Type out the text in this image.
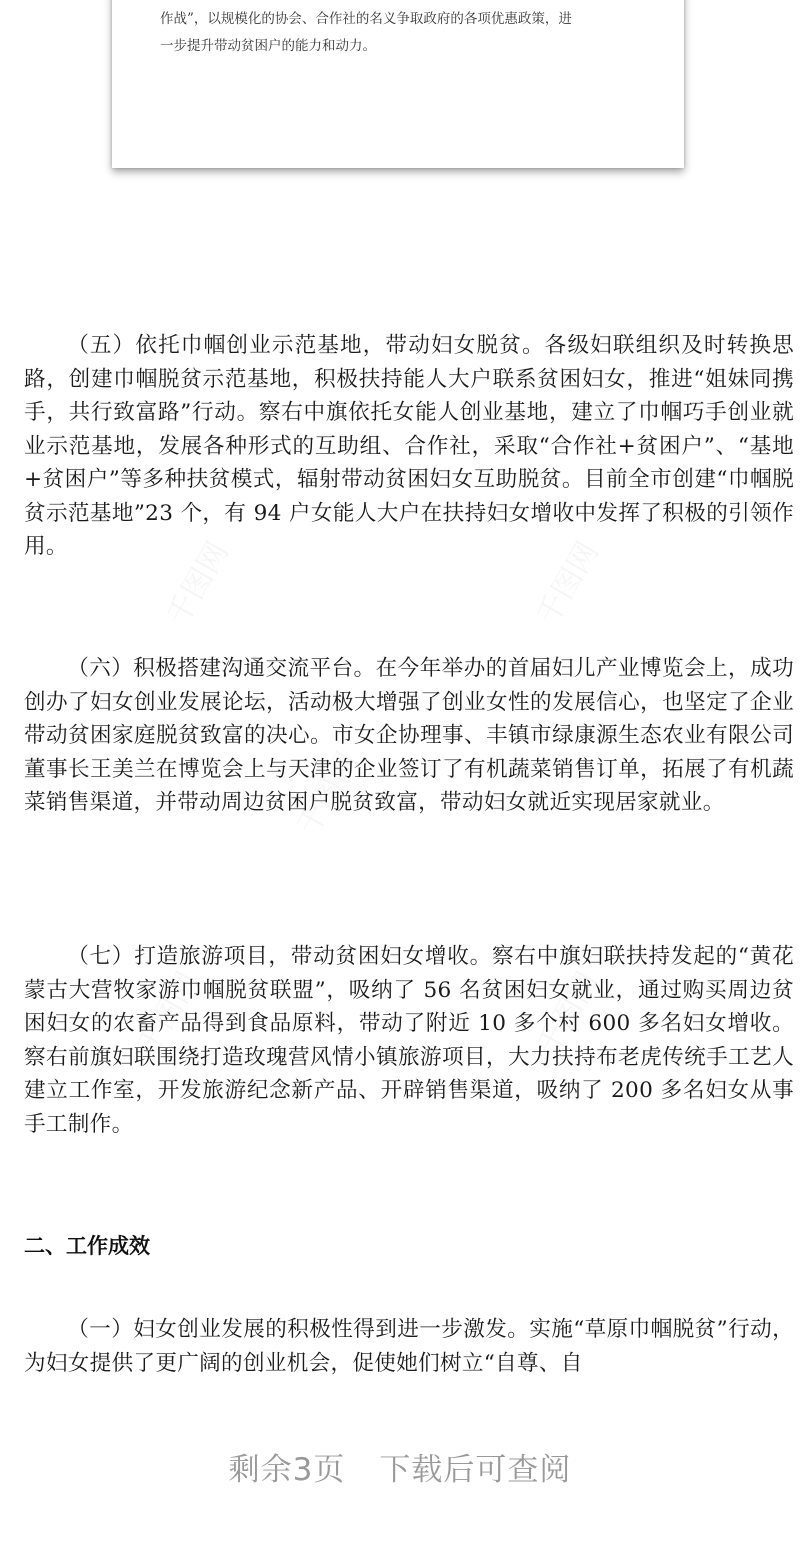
作战”，以规模化的协会、合作社的名义争取政府的各项优惠政策，进

一步提升带动贫困户的能力和动力。

千图网	千图网
千图网
千图网	千图网

（五）依托巾帼创业示范基地，带动妇女脱贫。各级妇联组织及时转换思路，创建巾帼脱贫示范基地，积极扶持能人大户联系贫困妇女，推进“姐妹同携手，共行致富路”行动。察右中旗依托女能人创业基地，建立了巾帼巧手创业就业示范基地，发展各种形式的互助组、合作社，采取“合作社+贫困户”、“基地+贫困户”等多种扶贫模式，辐射带动贫困妇女互助脱贫。目前全市创建“巾帼脱贫示范基地”23 个，有 94 户女能人大户在扶持妇女增收中发挥了积极的引领作用。

（六）积极搭建沟通交流平台。在今年举办的首届妇儿产业博览会上，成功创办了妇女创业发展论坛，活动极大增强了创业女性的发展信心，也坚定了企业带动贫困家庭脱贫致富的决心。市女企协理事、丰镇市绿康源生态农业有限公司董事长王美兰在博览会上与天津的企业签订了有机蔬菜销售订单，拓展了有机蔬菜销售渠道，并带动周边贫困户脱贫致富，带动妇女就近实现居家就业。

（七）打造旅游项目，带动贫困妇女增收。察右中旗妇联扶持发起的“黄花蒙古大营牧家游巾帼脱贫联盟”，吸纳了 56 名贫困妇女就业，通过购买周边贫困妇女的农畜产品得到食品原料，带动了附近 10 多个村 600 多名妇女增收。察右前旗妇联围绕打造玫瑰营风情小镇旅游项目，大力扶持布老虎传统手工艺人建立工作室，开发旅游纪念新产品、开辟销售渠道，吸纳了 200 多名妇女从事手工制作。

二、工作成效

（一）妇女创业发展的积极性得到进一步激发。实施“草原巾帼脱贫”行动，为妇女提供了更广阔的创业机会，促使她们树立“自尊、自

剩余3页 下载后可查阅
